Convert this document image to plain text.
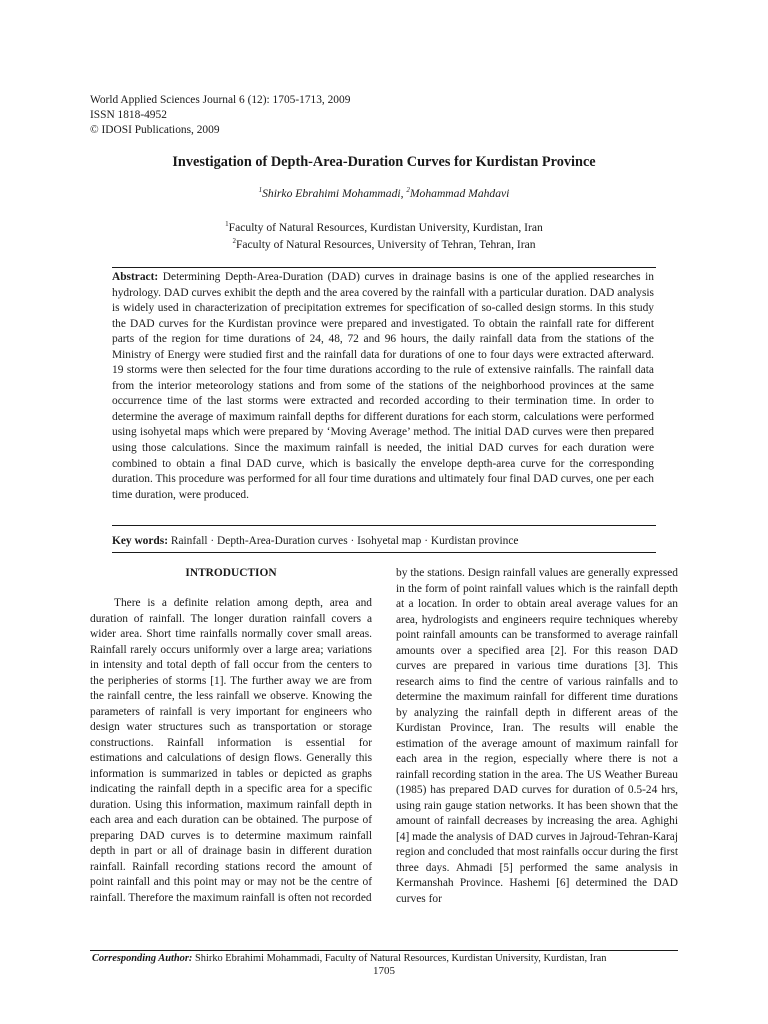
World Applied Sciences Journal 6 (12): 1705-1713, 2009
ISSN 1818-4952
© IDOSI Publications, 2009
Investigation of Depth-Area-Duration Curves for Kurdistan Province
$^1$Shirko Ebrahimi Mohammadi, $^2$Mohammad Mahdavi
$^1$Faculty of Natural Resources, Kurdistan University, Kurdistan, Iran
$^2$Faculty of Natural Resources, University of Tehran, Tehran, Iran
Abstract: Determining Depth-Area-Duration (DAD) curves in drainage basins is one of the applied researches in hydrology. DAD curves exhibit the depth and the area covered by the rainfall with a particular duration. DAD analysis is widely used in characterization of precipitation extremes for specification of so-called design storms. In this study the DAD curves for the Kurdistan province were prepared and investigated. To obtain the rainfall rate for different parts of the region for time durations of 24, 48, 72 and 96 hours, the daily rainfall data from the stations of the Ministry of Energy were studied first and the rainfall data for durations of one to four days were extracted afterward. 19 storms were then selected for the four time durations according to the rule of extensive rainfalls. The rainfall data from the interior meteorology stations and from some of the stations of the neighborhood provinces at the same occurrence time of the last storms were extracted and recorded according to their termination time. In order to determine the average of maximum rainfall depths for different durations for each storm, calculations were performed using isohyetal maps which were prepared by ‘Moving Average’ method. The initial DAD curves were then prepared using those calculations. Since the maximum rainfall is needed, the initial DAD curves for each duration were combined to obtain a final DAD curve, which is basically the envelope depth-area curve for the corresponding duration. This procedure was performed for all four time durations and ultimately four final DAD curves, one per each time duration, were produced.
Key words: Rainfall · Depth-Area-Duration curves · Isohyetal map · Kurdistan province
INTRODUCTION

There is a definite relation among depth, area and duration of rainfall. The longer duration rainfall covers a wider area. Short time rainfalls normally cover small areas. Rainfall rarely occurs uniformly over a large area; variations in intensity and total depth of fall occur from the centers to the peripheries of storms [1]. The further away we are from the rainfall centre, the less rainfall we observe. Knowing the parameters of rainfall is very important for engineers who design water structures such as transportation or storage constructions. Rainfall information is essential for estimations and calculations of design flows. Generally this information is summarized in tables or depicted as graphs indicating the rainfall depth in a specific area for a specific duration. Using this information, maximum rainfall depth in each area and each duration can be obtained. The purpose of preparing DAD curves is to determine maximum rainfall depth in part or all of drainage basin in different duration rainfall. Rainfall recording stations record the amount of point rainfall and this point may or may not be the centre of rainfall. Therefore the maximum rainfall is often not recorded

by the stations. Design rainfall values are generally expressed in the form of point rainfall values which is the rainfall depth at a location. In order to obtain areal average values for an area, hydrologists and engineers require techniques whereby point rainfall amounts can be transformed to average rainfall amounts over a specified area [2]. For this reason DAD curves are prepared in various time durations [3]. This research aims to find the centre of various rainfalls and to determine the maximum rainfall for different time durations by analyzing the rainfall depth in different areas of the Kurdistan Province, Iran. The results will enable the estimation of the average amount of maximum rainfall for each area in the region, especially where there is not a rainfall recording station in the area. The US Weather Bureau (1985) has prepared DAD curves for duration of 0.5-24 hrs, using rain gauge station networks. It has been shown that the amount of rainfall decreases by increasing the area. Aghighi [4] made the analysis of DAD curves in Jajroud-Tehran-Karaj region and concluded that most rainfalls occur during the first three days. Ahmadi [5] performed the same analysis in Kermanshah Province. Hashemi [6] determined the DAD curves for

Corresponding Author: Shirko Ebrahimi Mohammadi, Faculty of Natural Resources, Kurdistan University, Kurdistan, Iran
1705
